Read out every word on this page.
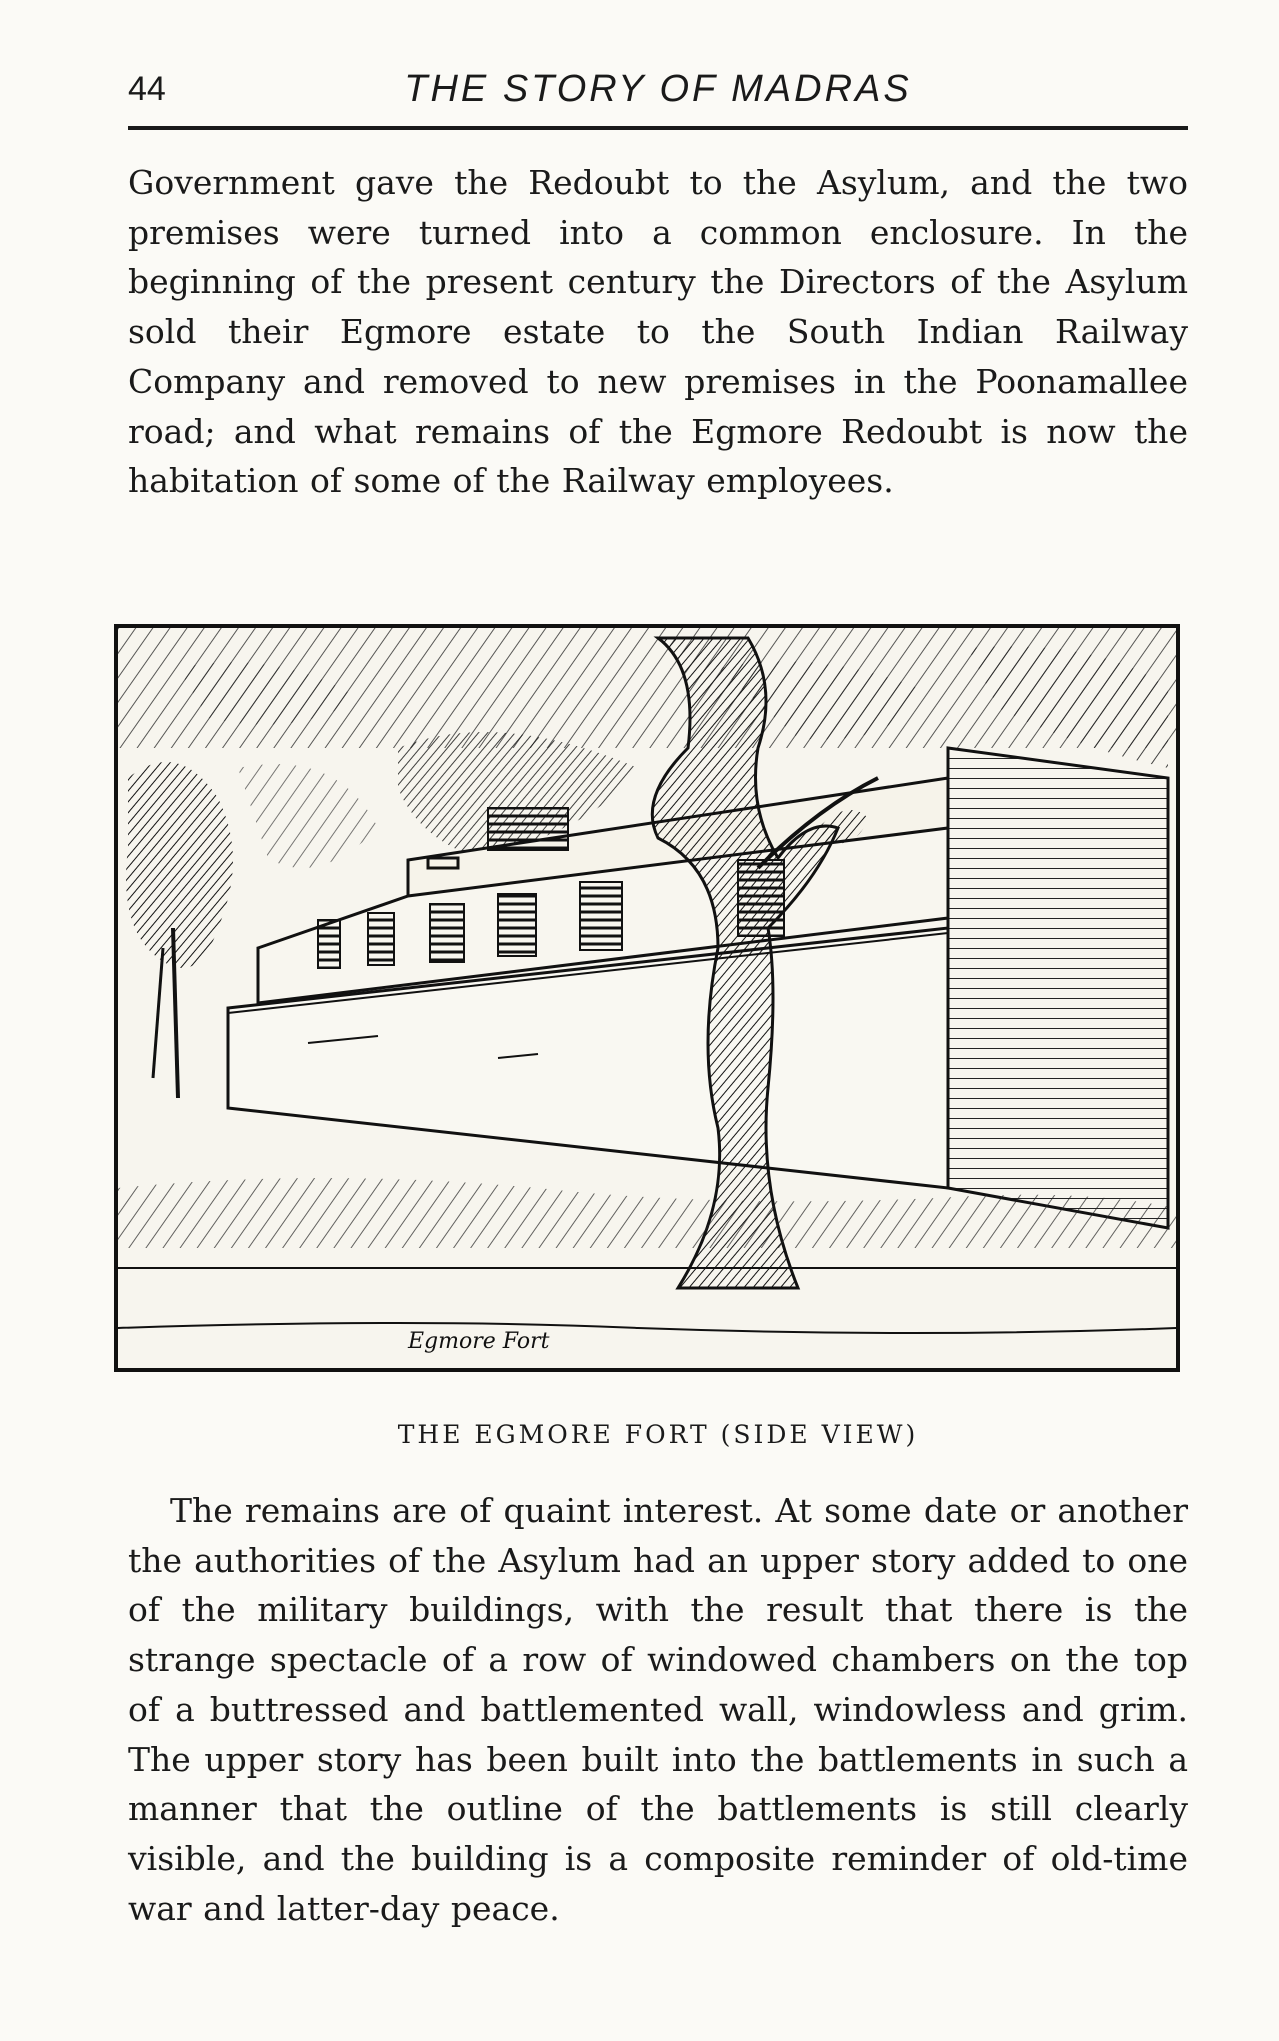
44	THE STORY OF MADRAS

Government gave the Redoubt to the Asylum, and the two premises were turned into a common enclosure. In the beginning of the present century the Directors of the Asylum sold their Egmore estate to the South Indian Railway Company and removed to new premises in the Poonamallee road; and what remains of the Egmore Redoubt is now the habitation of some of the Railway employees.

Egmore Fort
THE EGMORE FORT (SIDE VIEW)

The remains are of quaint interest. At some date or another the authorities of the Asylum had an upper story added to one of the military buildings, with the result that there is the strange spectacle of a row of windowed chambers on the top of a buttressed and battlemented wall, windowless and grim. The upper story has been built into the battlements in such a manner that the outline of the battlements is still clearly visible, and the building is a composite reminder of old-time war and latter-day peace.
